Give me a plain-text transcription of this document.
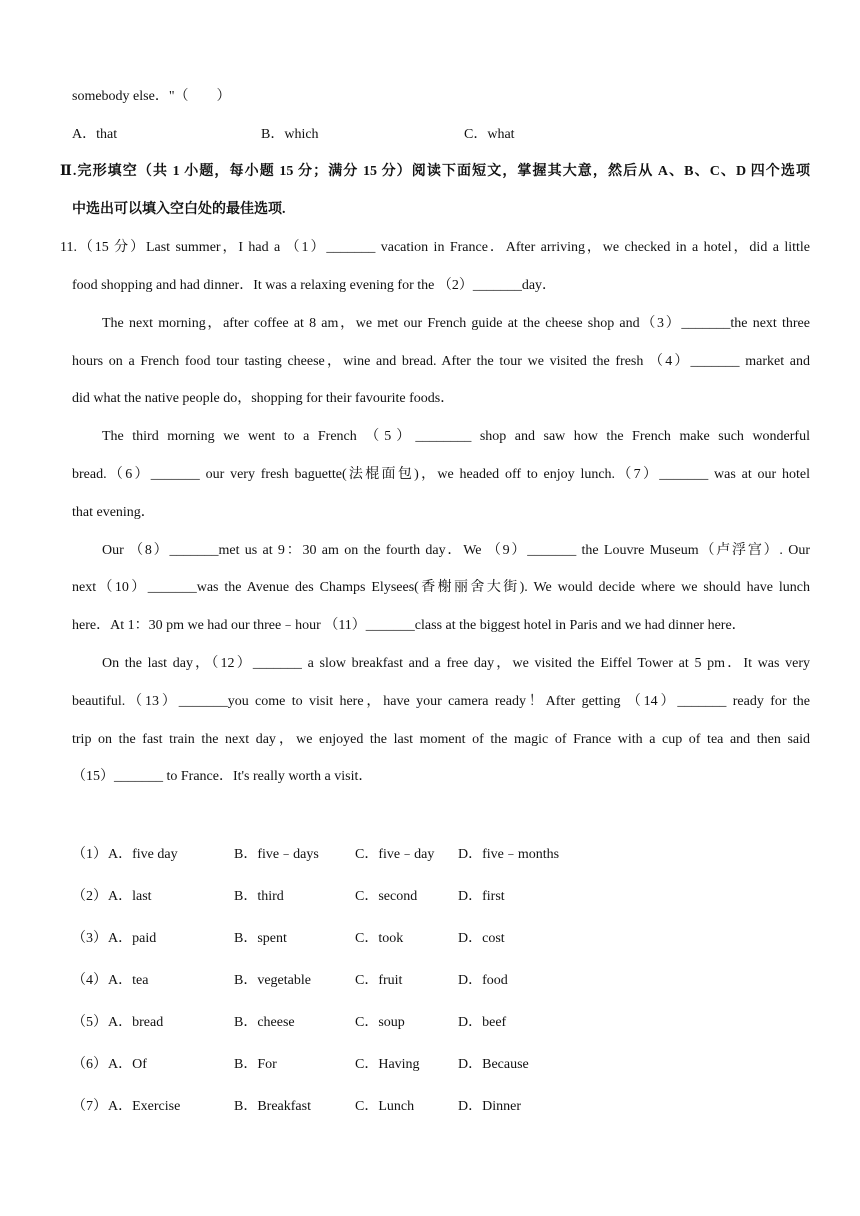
somebody else．"（　　）
A．that	B．which	C．what
Ⅱ.完形填空（共 1 小题，每小题 15 分；满分 15 分）阅读下面短文，掌握其大意，然后从 A、B、C、D 四个选项
中选出可以填入空白处的最佳选项.
11.（15 分）Last summer，I had a （1）_______ vacation in France．After arriving，we checked in a hotel，did a little
food shopping and had dinner．It was a relaxing evening for the （2）_______day．
The next morning，after coffee at 8 am，we met our French guide at the cheese shop and（3）_______the next three
hours on a French food tour tasting cheese，wine and bread. After the tour we visited the fresh （4）_______ market and
did what the native people do，shopping for their favourite foods．
The third morning we went to a French （5）________ shop and saw how the French make such wonderful
bread.（6）_______ our very fresh baguette(法棍面包)，we headed off to enjoy lunch.（7）_______ was at our hotel
that evening．
Our （8）_______met us at 9：30 am on the fourth day．We （9）_______ the Louvre Museum（卢浮宫）. Our
next（10）_______was the Avenue des Champs Elysees(香榭丽舍大街). We would decide where we should have lunch
here．At 1：30 pm we had our three﹣hour （11）_______class at the biggest hotel in Paris and we had dinner here．
On the last day，（12）_______ a slow breakfast and a free day，we visited the Eiffel Tower at 5 pm．It was very
beautiful.（13）_______you come to visit here，have your camera ready！After getting （14）_______ ready for the
trip on the fast train the next day，we enjoyed the last moment of the magic of France with a cup of tea and then said
（15）_______ to France．It's really worth a visit．
（1） A．five day	B．five﹣days	C．five﹣day D．five﹣months
（2） A．last	B．third	C．second	D．first
（3） A．paid	B．spent	C．took	D．cost
（4） A．tea	B．vegetable	C．fruit	D．food
（5） A．bread	B．cheese	C．soup	D．beef
（6） A．Of	B．For	C．Having	D．Because
（7） A．Exercise	B．Breakfast	C．Lunch	D．Dinner
